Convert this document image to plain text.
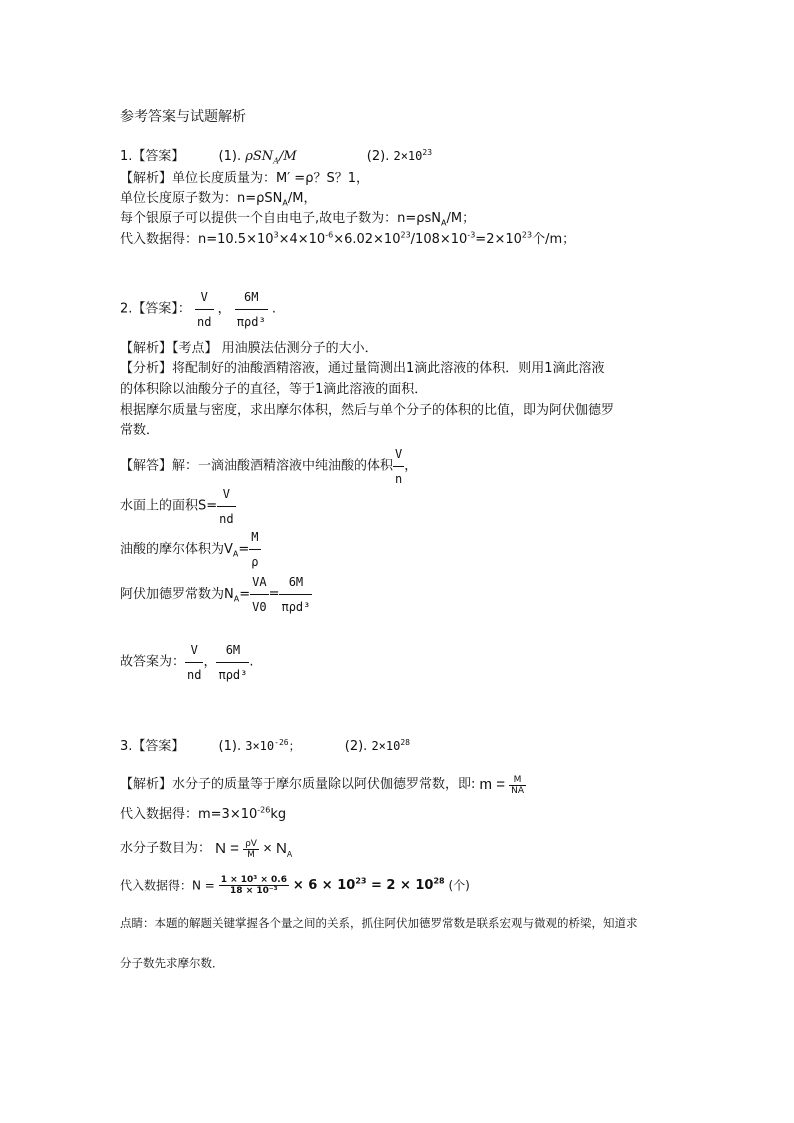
参考答案与试题解析
1.【答案】	(1). ρSN$_A$/M	(2). $2\times 10^{23}$
【解析】单位长度质量为：M′ =ρ？S？1，
单位长度原子数为：n=ρSN$_A$/M，
每个银原子可以提供一个自由电子,故电子数为：n=ρsN$_A$/M；
代入数据得：$n=10.5\times 10^3\times 4\times 10^{-6}\times 6.02\times 10^{23}/108\times 10^{-3}=2\times 10^{23}$个/m；
2.【答案】： $\frac{V}{nd}$ ， $\frac{6M}{\text{πρd³}}$ .
【解析】【考点】 用油膜法估测分子的大小．
【分析】将配制好的油酸酒精溶液，通过量筒测出1滴此溶液的体积．则用1滴此溶液
的体积除以油酸分子的直径，等于1滴此溶液的面积．
根据摩尔质量与密度，求出摩尔体积，然后与单个分子的体积的比值，即为阿伏伽德罗
常数．
【解答】解：一滴油酸酒精溶液中纯油酸的体积 $\frac{V}{n}$ ，
水面上的面积$S= \frac{V}{nd}$
油酸的摩尔体积为$V_A= \frac{M}{\rho}$
阿伏加德罗常数为$N_A= \frac{VA}{V0} = \frac{6M}{\text{πρd³}}$
故答案为： $\frac{V}{nd}$ ， $\frac{6M}{\text{πρd³}}$ .
3.【答案】	(1). $3\times 10^{-26}$；	(2). $2\times 10^{28}$
【解析】水分子的质量等于摩尔质量除以阿伏伽德罗常数，即: $m = \frac{M}{NA}$
代入数据得：$m=3\times 10^{-26}kg$
水分子数目为： $N = \frac{\rho V}{M} \times N_A$
代入数据得：$N = \frac{\text{1 × 10³ × 0.6}}{\text{18 × 10⁻³}} \times 6 \times 10^{23} = 2 \times 10^{28}$ (个)
点睛：本题的解题关键掌握各个量之间的关系，抓住阿伏加德罗常数是联系宏观与微观的桥梁，知道求
分子数先求摩尔数．
